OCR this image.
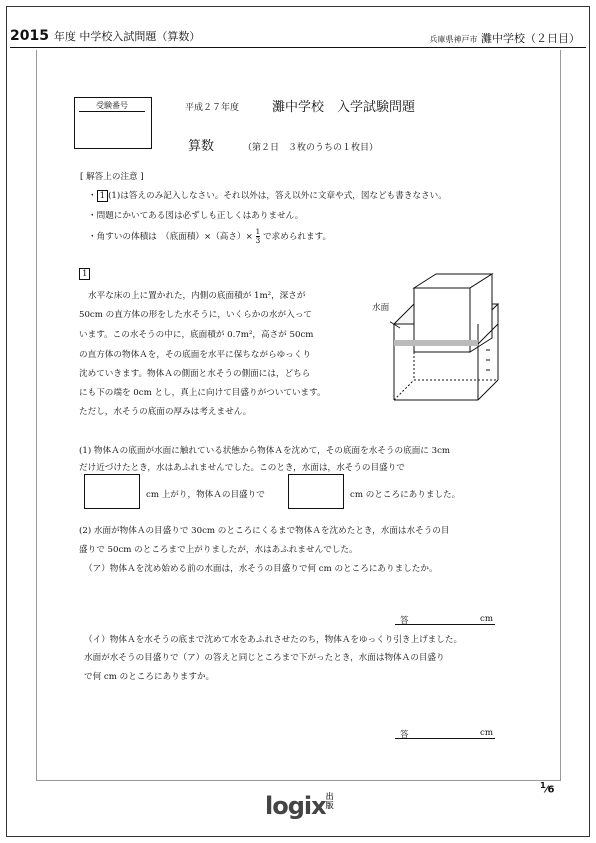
2015 年度 中学校入試問題（算数）	兵庫県神戸市 灘中学校（２日目）
受験番号	平成２７年度	灘中学校　入学試験問題
算数	（第２日　３枚のうちの１枚目）
[ 解答上の注意 ]
・ 1 (1)は答えのみ記入しなさい。それ以外は，答え以外に文章や式，図なども書きなさい。
・問題にかいてある図は必ずしも正しくはありません。
・角すいの体積は　（底面積）×（高さ）× $\frac{1}{3}$ で求められます。
1
水平な床の上に置かれた，内側の底面積が 1m²，深さが
50cm の直方体の形をした水そうに，いくらかの水が入って
います。この水そうの中に，底面積が 0.7m²，高さが 50cm
の直方体の物体Ａを，その底面を水平に保ちながらゆっくり
沈めていきます。物体Ａの側面と水そうの側面には，どちら
にも下の端を 0cm とし，真上に向けて目盛りがついています。
ただし，水そうの底面の厚みは考えません。
水面
(1) 物体Ａの底面が水面に触れている状態から物体Ａを沈めて，その底面を水そうの底面に 3cm
だけ近づけたとき，水はあふれませんでした。このとき，水面は，水そうの目盛りで
cm 上がり，物体Ａの目盛りで	cm のところにありました。
(2) 水面が物体Ａの目盛りで 30cm のところにくるまで物体Ａを沈めたとき，水面は水そうの目
盛りで 50cm のところまで上がりましたが，水はあふれませんでした。
（ア）物体Ａを沈め始める前の水面は，水そうの目盛りで何 cm のところにありましたか。
答	cm
（イ）物体Ａを水そうの底まで沈めて水をあふれさせたのち，物体Ａをゆっくり引き上げました。
水面が水そうの目盛りで（ア）の答えと同じところまで下がったとき，水面は物体Ａの目盛り
で何 cm のところにありますか。
答	cm
$^1$⁄6
logix出版
